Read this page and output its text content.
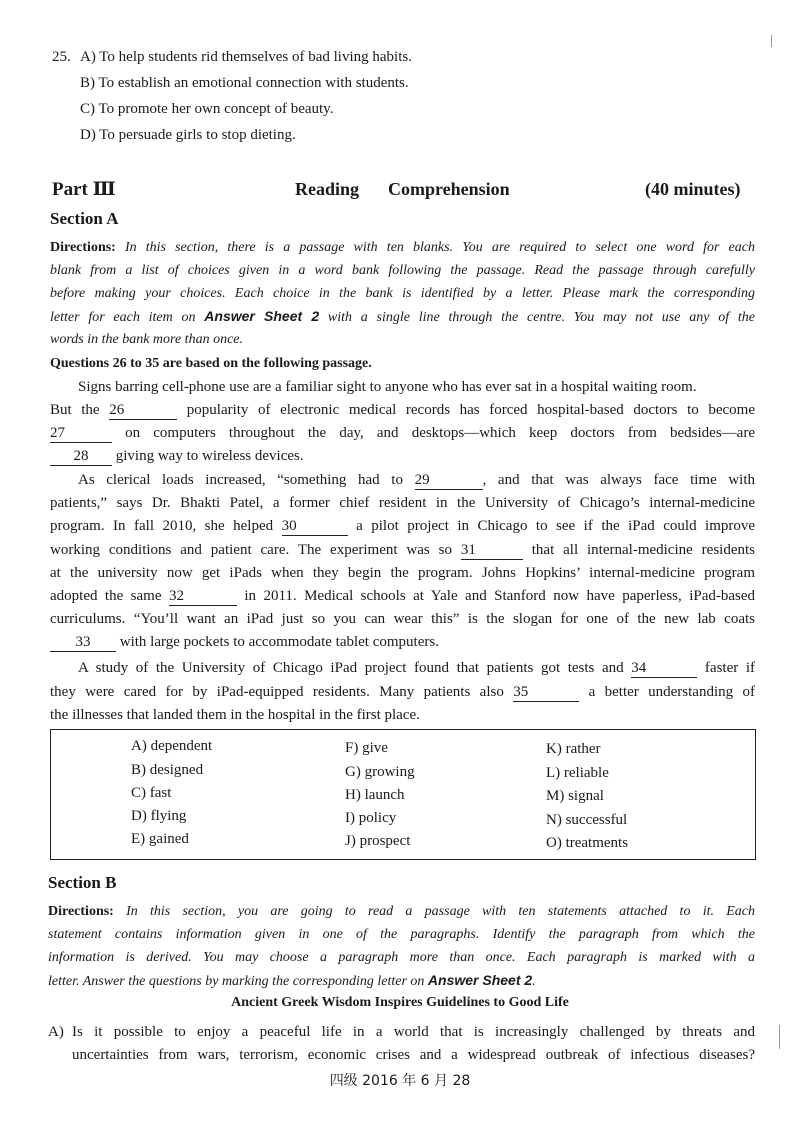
25. A) To help students rid themselves of bad living habits.
B) To establish an emotional connection with students.
C) To promote her own concept of beauty.
D) To persuade girls to stop dieting.
Part Ⅲ	Reading Comprehension	(40 minutes)
Section A
Directions: In this section, there is a passage with ten blanks. You are required to select one word for each
blank from a list of choices given in a word bank following the passage. Read the passage through carefully
before making your choices. Each choice in the bank is identified by a letter. Please mark the corresponding
letter for each item on Answer Sheet 2 with a single line through the centre. You may not use any of the
words in the bank more than once.
Questions 26 to 35 are based on the following passage.
Signs barring cell-phone use are a familiar sight to anyone who has ever sat in a hospital waiting room.
But the 26	popularity of electronic medical records has forced hospital-based doctors to become
27	on computers throughout the day, and desktops—which keep doctors from bedsides—are
28 giving way to wireless devices.
As clerical loads increased, “something had to 29	, and that was always face time with
patients,” says Dr. Bhakti Patel, a former chief resident in the University of Chicago’s internal-medicine
program. In fall 2010, she helped 30	a pilot project in Chicago to see if the iPad could improve
working conditions and patient care. The experiment was so 31	that all internal-medicine residents
at the university now get iPads when they begin the program. Johns Hopkins’ internal-medicine program
adopted the same 32	in 2011. Medical schools at Yale and Stanford now have paperless, iPad-based
curriculums. “You’ll want an iPad just so you can wear this” is the slogan for one of the new lab coats
33 with large pockets to accommodate tablet computers.
A study of the University of Chicago iPad project found that patients got tests and 34	faster if
they were cared for by iPad-equipped residents. Many patients also 35	a better understanding of
the illnesses that landed them in the hospital in the first place.
A) dependent
B) designed
C) fast
D) flying
E) gained
F) give
G) growing
H) launch
I) policy
J) prospect
K) rather
L) reliable
M) signal
N) successful
O) treatments
Section B
Directions: In this section, you are going to read a passage with ten statements attached to it. Each
statement contains information given in one of the paragraphs. Identify the paragraph from which the
information is derived. You may choose a paragraph more than once. Each paragraph is marked with a
letter. Answer the questions by marking the corresponding letter on Answer Sheet 2.
Ancient Greek Wisdom Inspires Guidelines to Good Life
A) Is it possible to enjoy a peaceful life in a world that is increasingly challenged by threats and
uncertainties from wars, terrorism, economic crises and a widespread outbreak of infectious diseases?
四级 2016 年 6 月 28
